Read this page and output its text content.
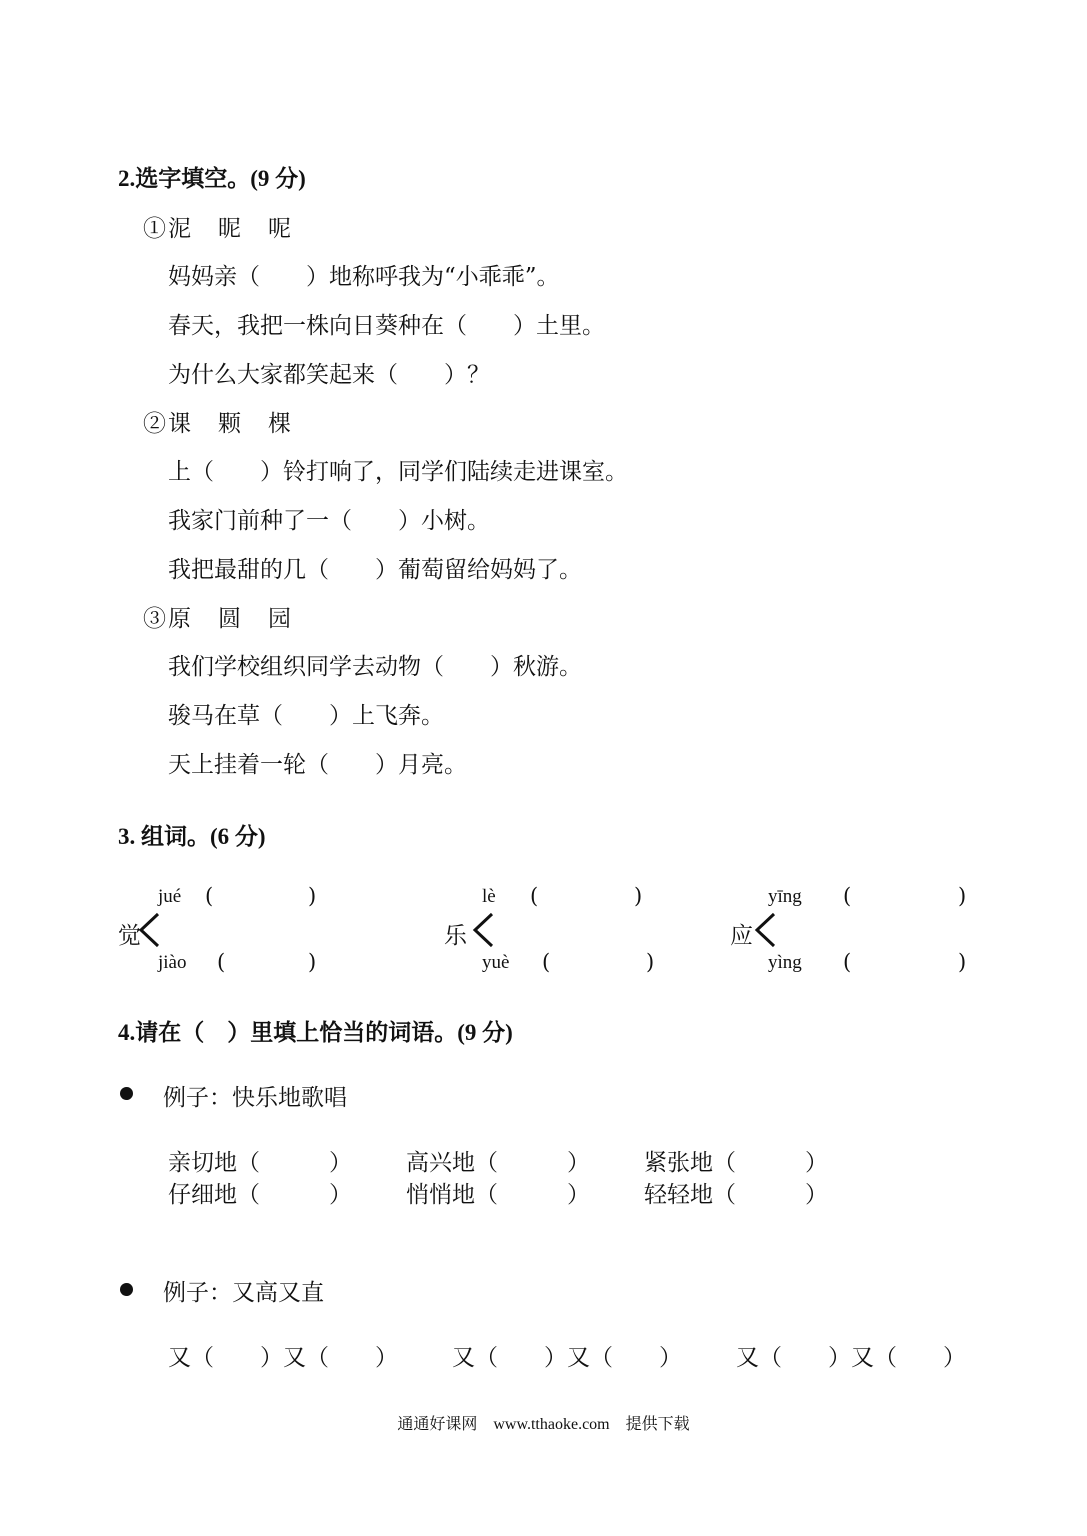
2.选字填空。(9 分)
①泥　昵　呢
妈妈亲（　　）地称呼我为“小乖乖”。
春天，我把一株向日葵种在（　　）土里。
为什么大家都笑起来（　　）？
②课　颗　棵
上（　　）铃打响了，同学们陆续走进课室。
我家门前种了一（　　）小树。
我把最甜的几（　　）葡萄留给妈妈了。
③原　圆　园
我们学校组织同学去动物（　　）秋游。
骏马在草（　　）上飞奔。
天上挂着一轮（　　）月亮。
3. 组词。(6 分)
jué (	)
觉
jiào (	)
lè (	)
乐
yuè (	)
yīng (	)
应
yìng (	)
4.请在（　）里填上恰当的词语。(9 分)
例子：快乐地歌唱
亲切地（　　　） 高兴地（　　　） 紧张地（　　　）
仔细地（　　　） 悄悄地（　　　） 轻轻地（　　　）
例子：又高又直
又（　　）又（　　） 又（　　）又（　　） 又（　　）又（　　）
通通好课网　www.tthaoke.com　提供下载
